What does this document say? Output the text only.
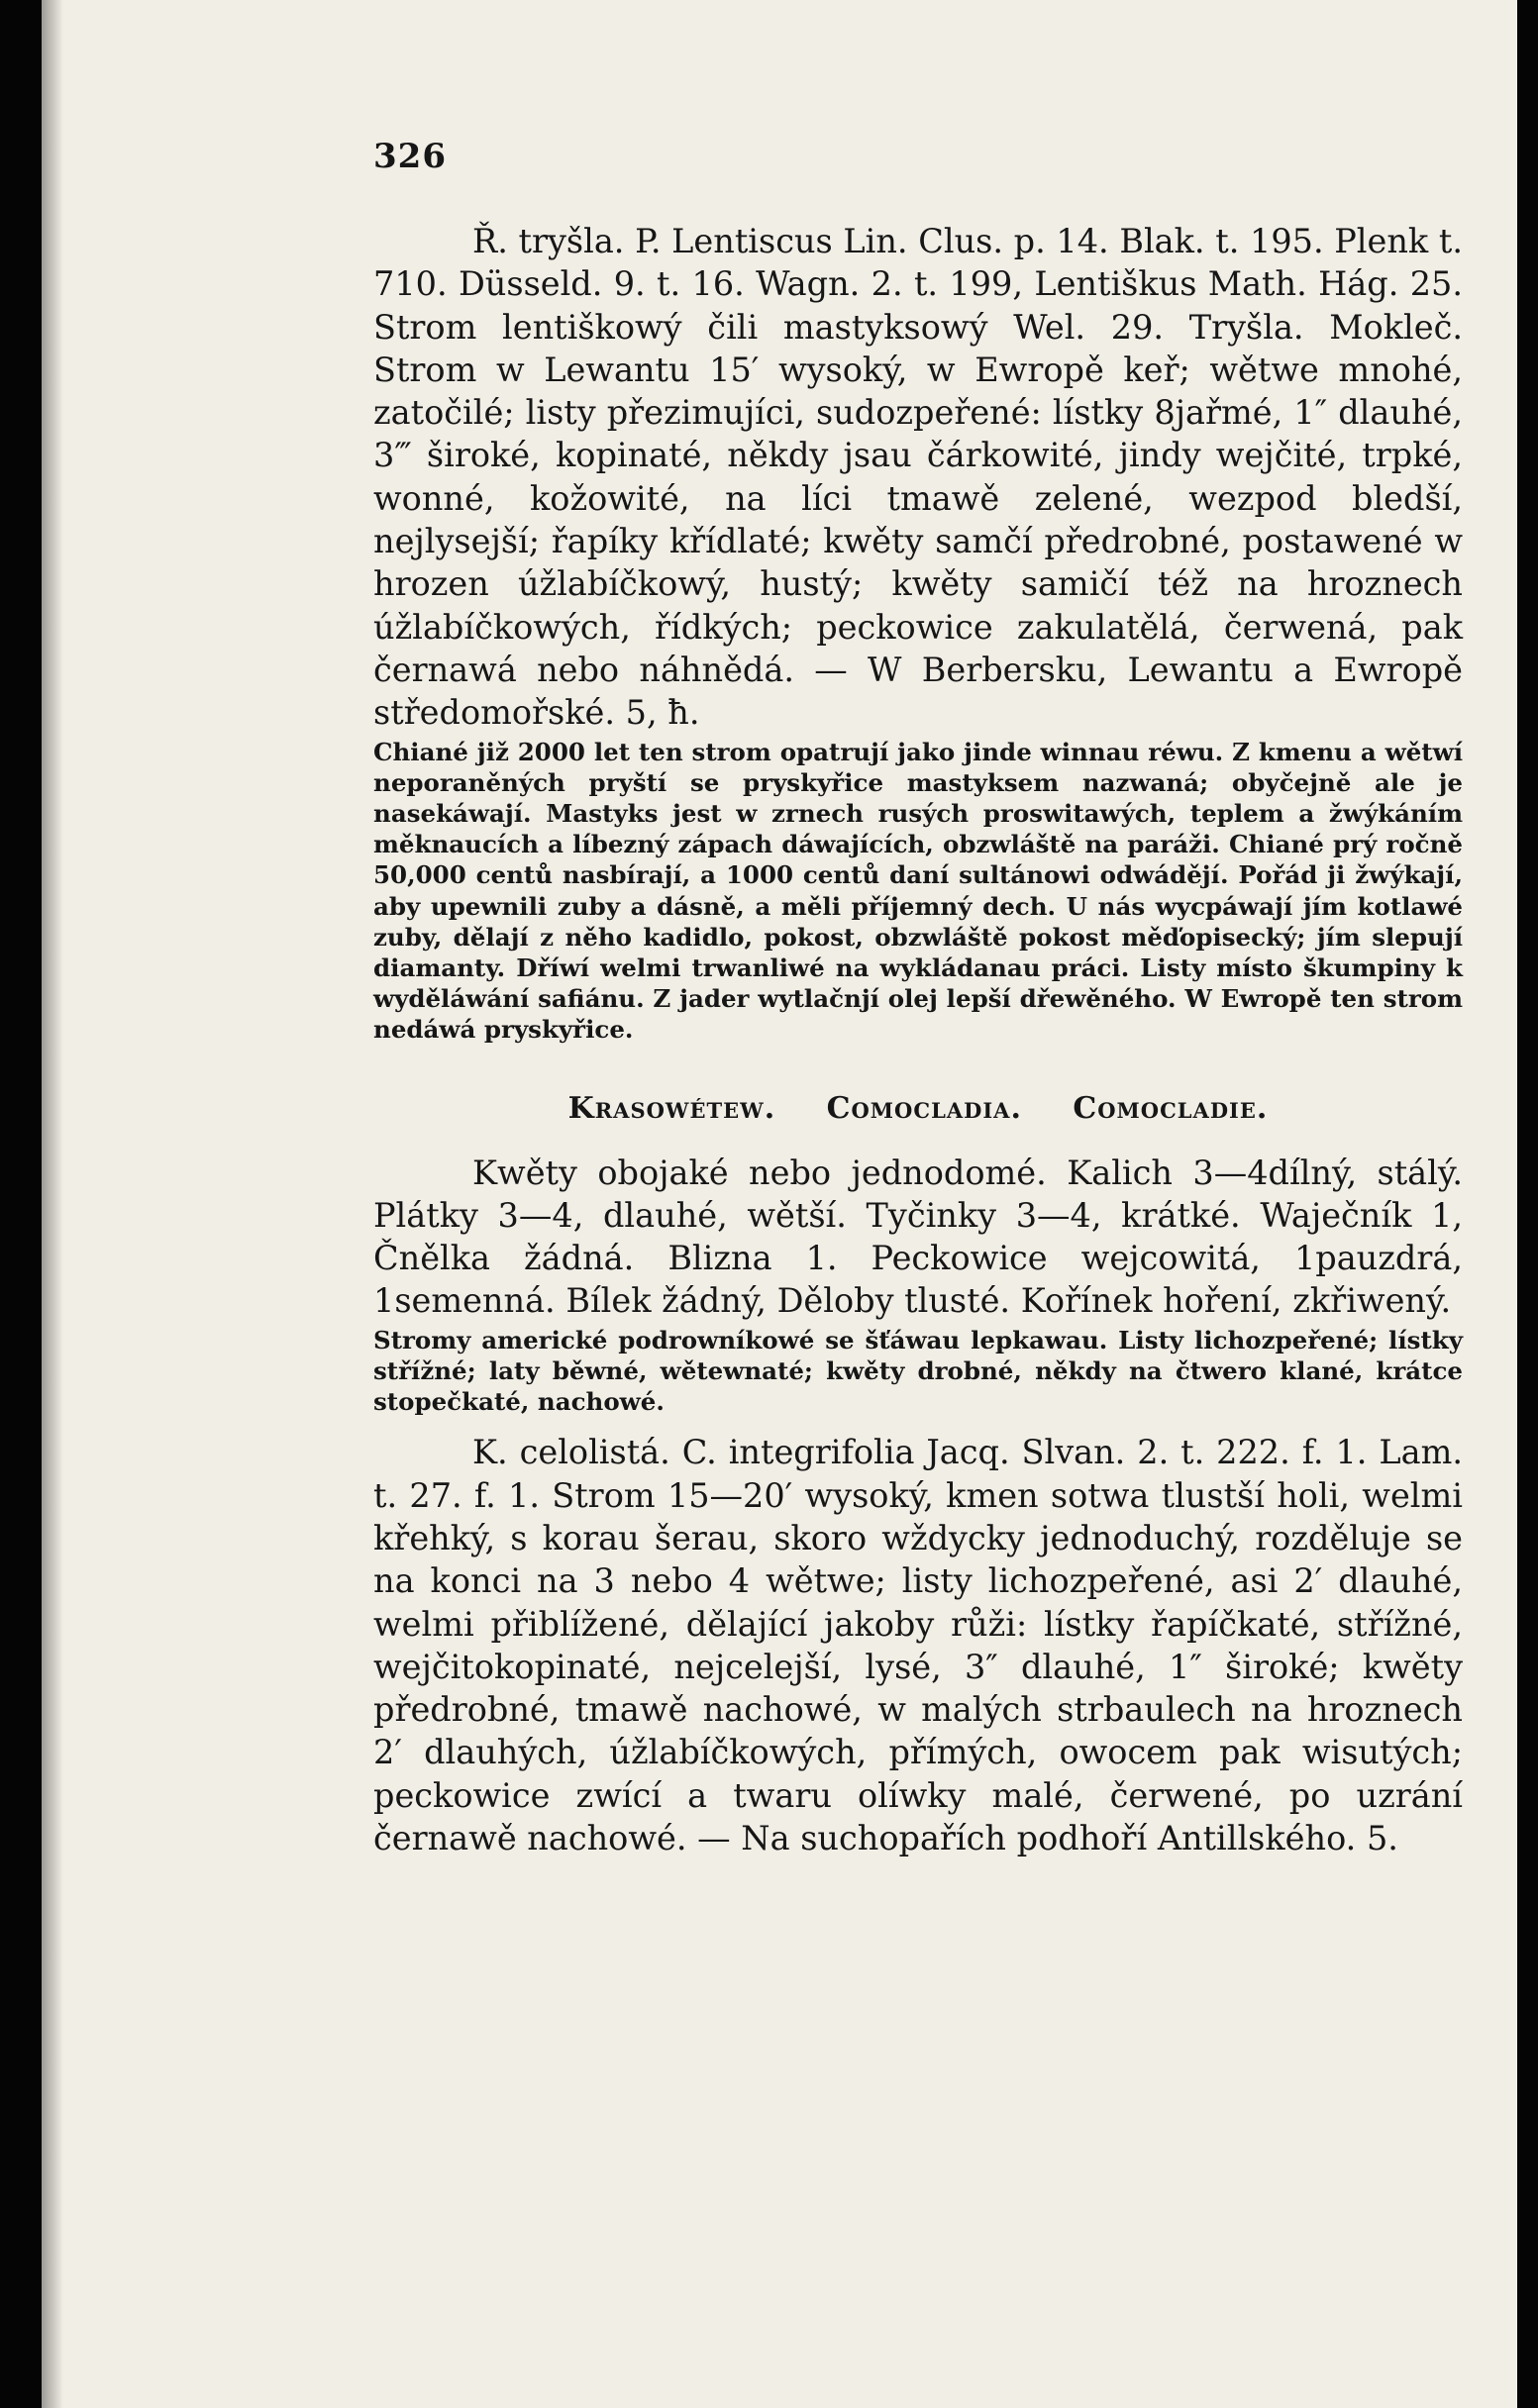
326

Ř. tryšla. P. Lentiscus Lin. Clus. p. 14. Blak. t. 195. Plenk t. 710. Düsseld. 9. t. 16. Wagn. 2. t. 199, Lentiškus Math. Hág. 25. Strom lentiškowý čili mastyksowý Wel. 29. Tryšla. Mokleč. Strom w Lewantu 15′ wysoký, w Ewropě keř; wětwe mnohé, zatočilé; listy přezimujíci, sudozpeřené: lístky 8jařmé, 1″ dlauhé, 3‴ široké, kopinaté, někdy jsau čárkowité, jindy wejčité, trpké, wonné, kožowité, na líci tmawě zelené, wezpod bledší, nejlysejší; řapíky křídlaté; kwěty samčí předrobné, postawené w hrozen úžlabíčkowý, hustý; kwěty samičí též na hroznech úžlabíčkowých, řídkých; peckowice zakulatělá, čerwená, pak černawá nebo náhnědá. — W Berbersku, Lewantu a Ewropě středomořské. 5, ħ.

Chiané již 2000 let ten strom opatrují jako jinde winnau réwu. Z kmenu a wětwí neporaněných pryští se pryskyřice mastyksem nazwaná; obyčejně ale je nasekáwají. Mastyks jest w zrnech rusých proswitawých, teplem a žwýkáním měknaucích a líbezný zápach dáwajících, obzwláště na paráži. Chiané prý ročně 50,000 centů nasbírají, a 1000 centů daní sultánowi odwádějí. Pořád ji žwýkají, aby upewnili zuby a dásně, a měli příjemný dech. U nás wycpáwají jím kotlawé zuby, dělají z něho kadidlo, pokost, obzwláště pokost měďopisecký; jím slepují diamanty. Dříwí welmi trwanliwé na wykládanau práci. Listy místo škumpiny k wyděláwání safiánu. Z jader wytlačnjí olej lepší dřewěného. W Ewropě ten strom nedáwá pryskyřice.

Krasowétew. Comocladia. Comocladie.

Kwěty obojaké nebo jednodomé. Kalich 3—4dílný, stálý. Plátky 3—4, dlauhé, wětší. Tyčinky 3—4, krátké. Waječník 1, Čnělka žádná. Blizna 1. Peckowice wejcowitá, 1pauzdrá, 1semenná. Bílek žádný, Děloby tlusté. Kořínek hoření, zkřiwený.

Stromy americké podrowníkowé se šťáwau lepkawau. Listy lichozpeřené; lístky střížné; laty běwné, wětewnaté; kwěty drobné, někdy na čtwero klané, krátce stopečkaté, nachowé.

K. celolistá. C. integrifolia Jacq. Slvan. 2. t. 222. f. 1. Lam. t. 27. f. 1. Strom 15—20′ wysoký, kmen sotwa tlustší holi, welmi křehký, s korau šerau, skoro wždycky jednoduchý, rozděluje se na konci na 3 nebo 4 wětwe; listy lichozpeřené, asi 2′ dlauhé, welmi přiblížené, dělající jakoby růži: lístky řapíčkaté, střížné, wejčitokopinaté, nejcelejší, lysé, 3″ dlauhé, 1″ široké; kwěty předrobné, tmawě nachowé, w malých strbaulech na hroznech 2′ dlauhých, úžlabíčkowých, přímých, owocem pak wisutých; peckowice zwící a twaru olíwky malé, čerwené, po uzrání černawě nachowé. — Na suchopařích podhoří Antillského. 5.
